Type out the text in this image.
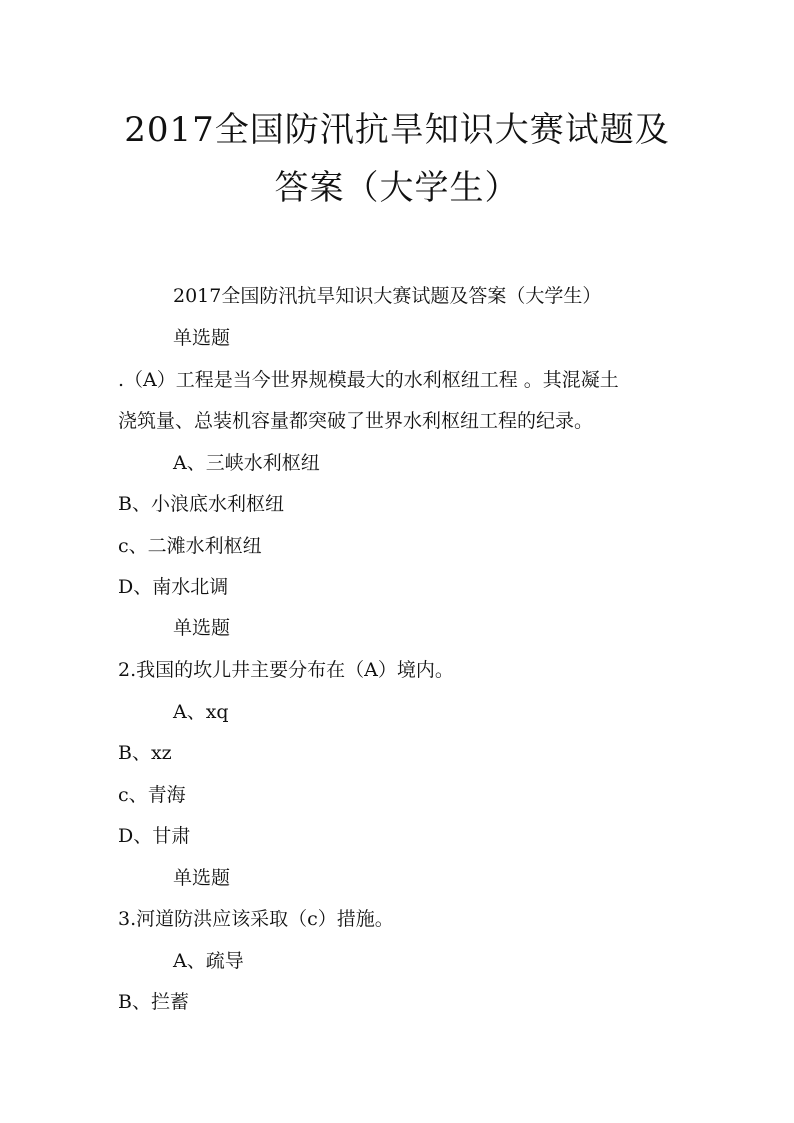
2017全国防汛抗旱知识大赛试题及
答案（大学生）
2017全国防汛抗旱知识大赛试题及答案（大学生）
单选题
.（A）工程是当今世界规模最大的水利枢纽工程 。其混凝土
浇筑量、总装机容量都突破了世界水利枢纽工程的纪录。
A、三峡水利枢纽
B、小浪底水利枢纽
c、二滩水利枢纽
D、南水北调
单选题
2.我国的坎儿井主要分布在（A）境内。
A、xq
B、xz
c、青海
D、甘肃
单选题
3.河道防洪应该采取（c）措施。
A、疏导
B、拦蓄
